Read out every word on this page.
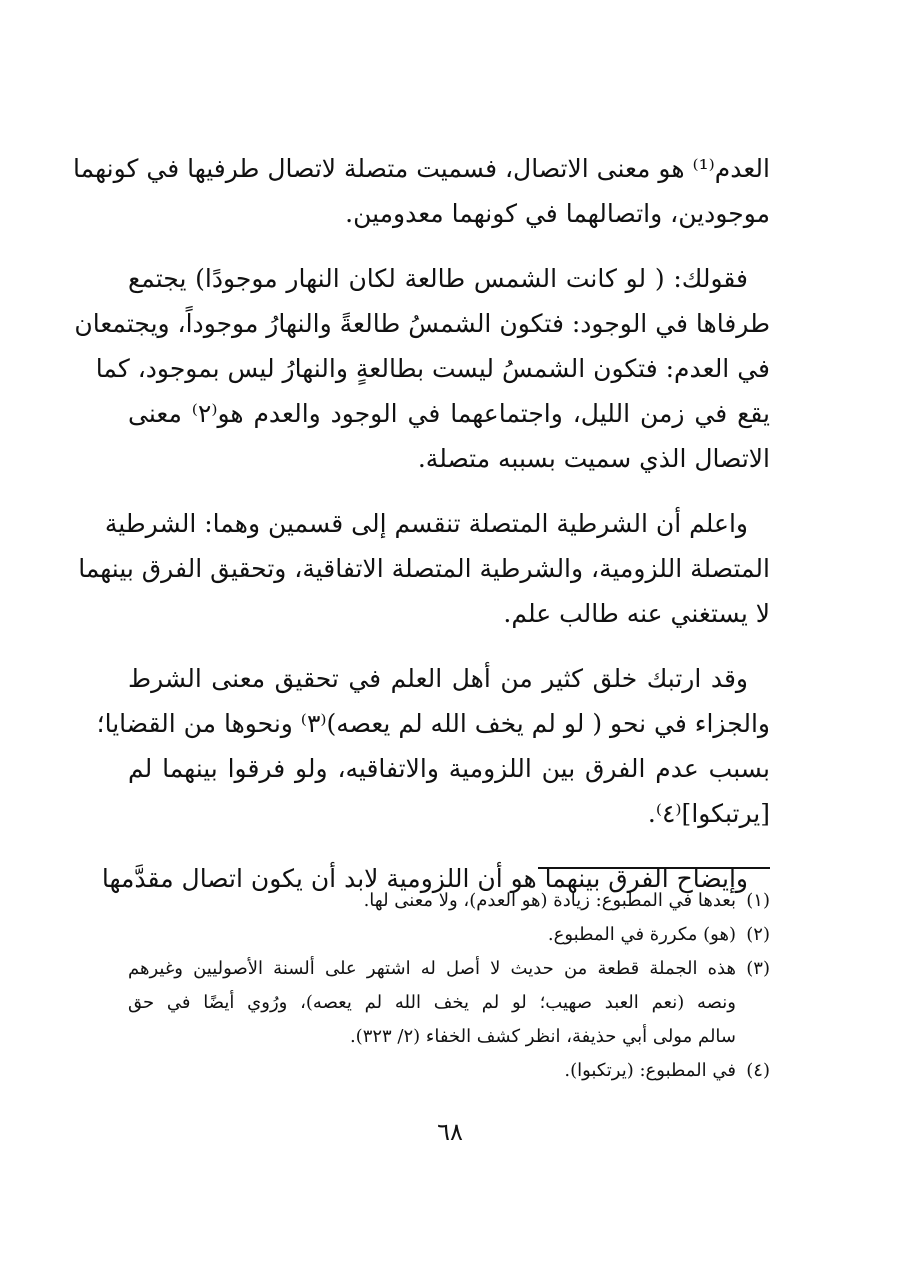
العدم⁽¹⁾ هو معنى الاتصال، فسميت متصلة لاتصال طرفيها في كونهما
موجودين، واتصالهما في كونهما معدومين.
فقولك: ( لو كانت الشمس طالعة لكان النهار موجودًا) يجتمع
طرفاها في الوجود: فتكون الشمسُ طالعةً والنهارُ موجوداً، ويجتمعان
في العدم: فتكون الشمسُ ليست بطالعةٍ والنهارُ ليس بموجود، كما
يقع في زمن الليل، واجتماعهما في الوجود والعدم هو⁽٢⁾ معنى
الاتصال الذي سميت بسببه متصلة.
واعلم أن الشرطية المتصلة تنقسم إلى قسمين وهما: الشرطية
المتصلة اللزومية، والشرطية المتصلة الاتفاقية، وتحقيق الفرق بينهما
لا يستغني عنه طالب علم.
وقد ارتبك خلق كثير من أهل العلم في تحقيق معنى الشرط
والجزاء في نحو ( لو لم يخف الله لم يعصه)⁽٣⁾ ونحوها من القضايا؛
بسبب عدم الفرق بين اللزومية والاتفاقيه، ولو فرقوا بينهما لم
[يرتبكوا]⁽٤⁾.
وإيضاح الفرق بينهما هو أن اللزومية لابد أن يكون اتصال مقدَّمها
(١)
بعدها في المطبوع: زيادة (هو العدم)، ولا معنى لها.
(٢)
(هو) مكررة في المطبوع.
(٣)
هذه الجملة قطعة من حديث لا أصل له اشتهر على ألسنة الأصوليين وغيرهم
ونصه (نعم العبد صهيب؛ لو لم يخف الله لم يعصه)، ورُوي أيضًا في حق
سالم مولى أبي حذيفة، انظر كشف الخفاء (٢/ ٣٢٣).
(٤)
في المطبوع: (يرتكبوا).
٦٨
